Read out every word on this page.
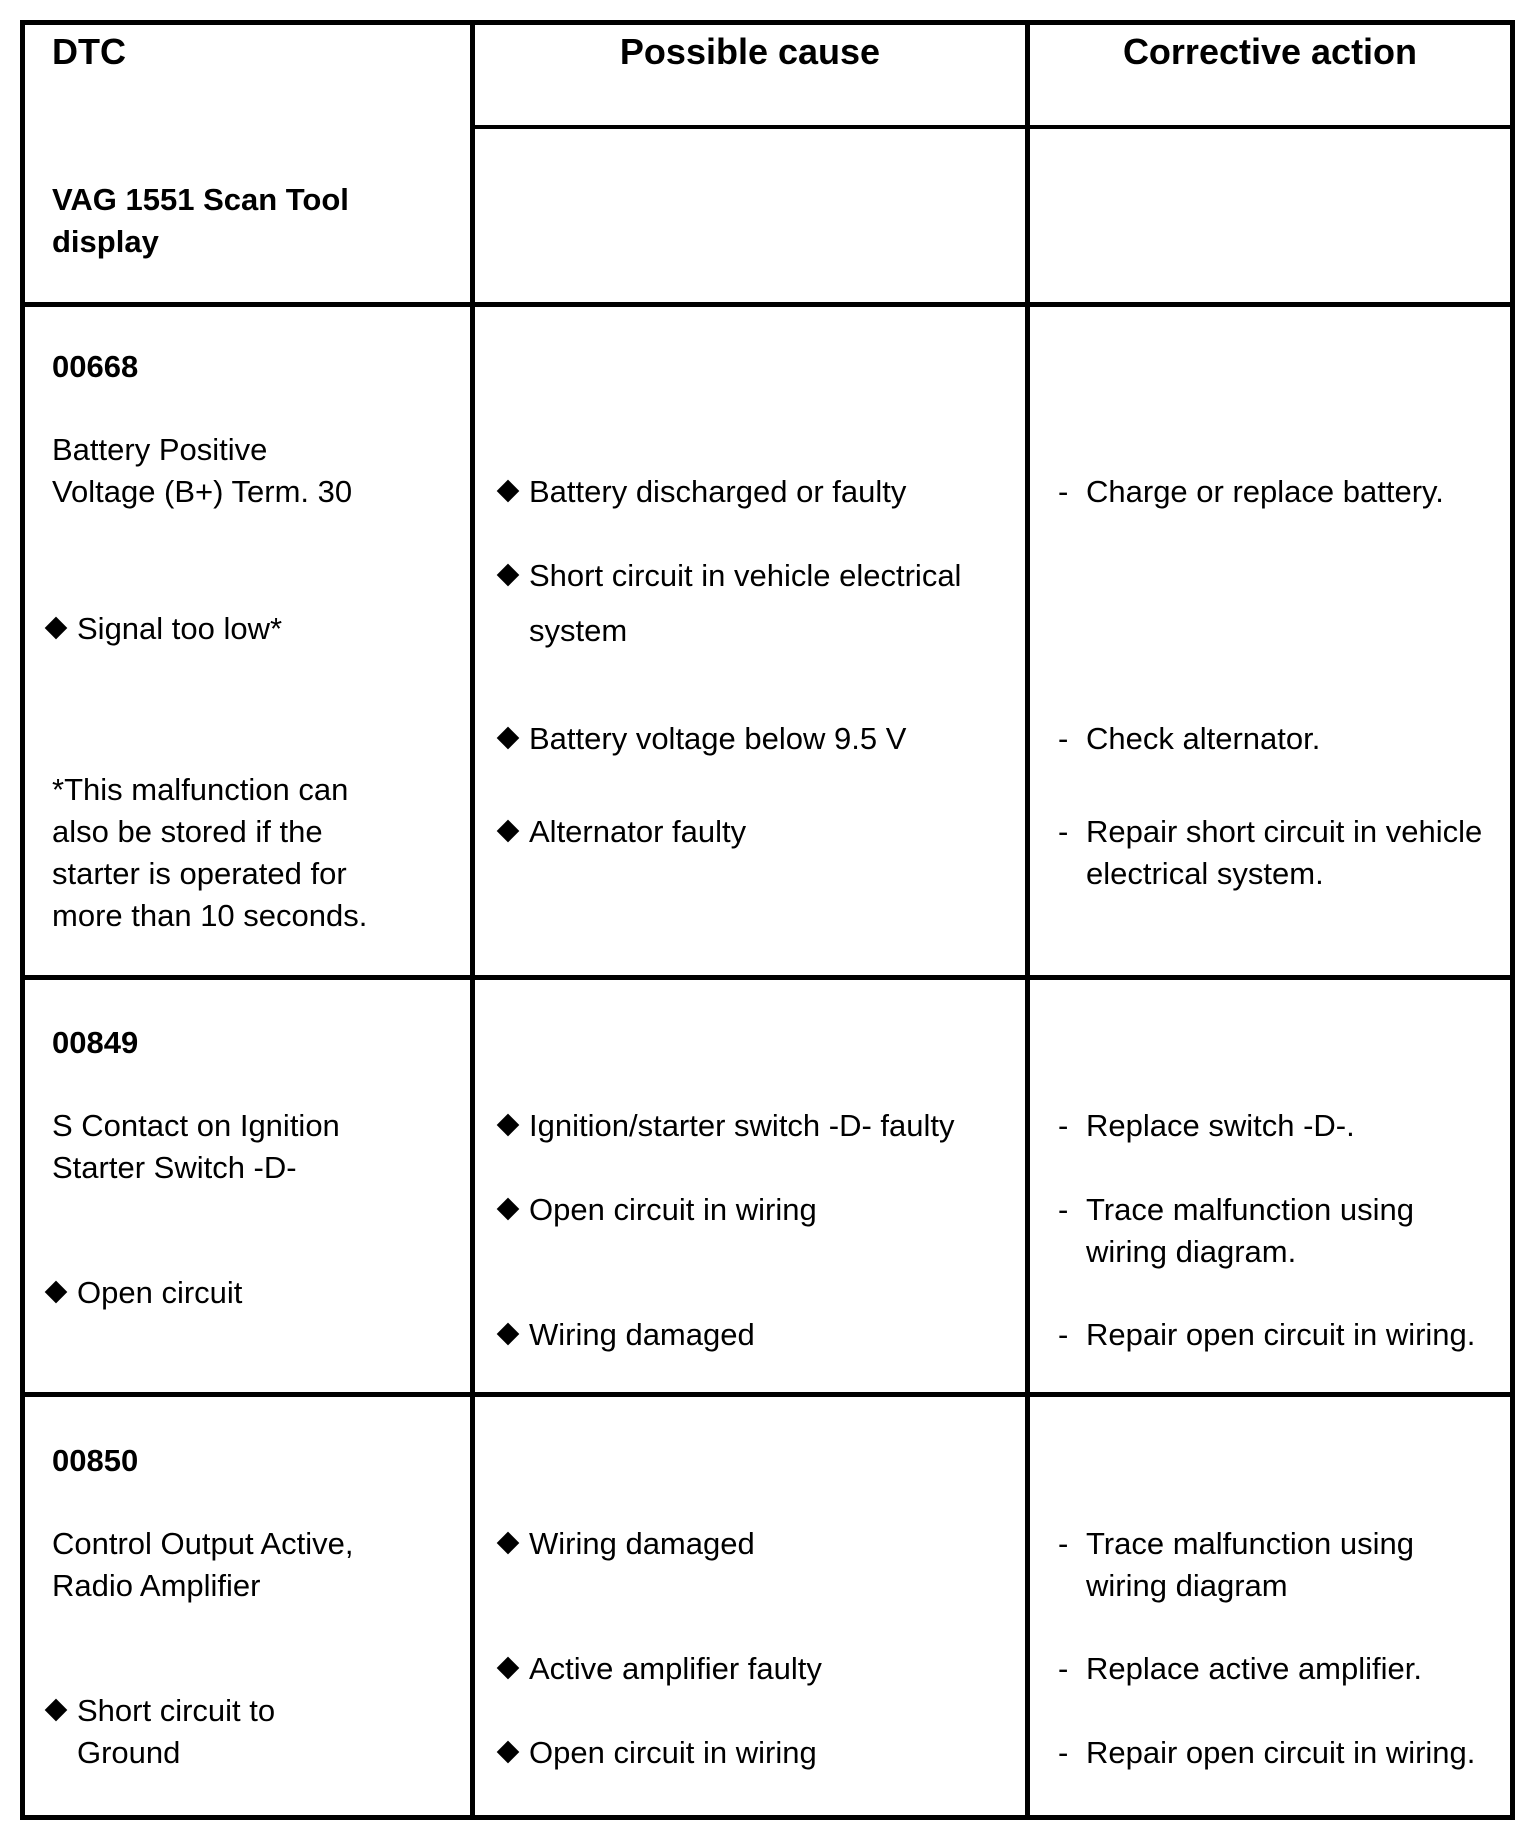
DTC	Possible cause	Corrective action
VAG 1551 Scan Tool
display
00668
Battery Positive
Voltage (B+) Term. 30
Signal too low*
*This malfunction can
also be stored if the
starter is operated for
more than 10 seconds.
Battery discharged or faulty
Short circuit in vehicle electrical
system
Battery voltage below 9.5 V
Alternator faulty
- Charge or replace battery.
- Check alternator.
- Repair short circuit in vehicle
electrical system.
00849
S Contact on Ignition
Starter Switch -D-
Open circuit
Ignition/starter switch -D- faulty
Open circuit in wiring
Wiring damaged
- Replace switch -D-.
- Trace malfunction using
wiring diagram.
- Repair open circuit in wiring.
00850
Control Output Active,
Radio Amplifier
Short circuit to
Ground
Wiring damaged
Active amplifier faulty
Open circuit in wiring
- Trace malfunction using
wiring diagram
- Replace active amplifier.
- Repair open circuit in wiring.
